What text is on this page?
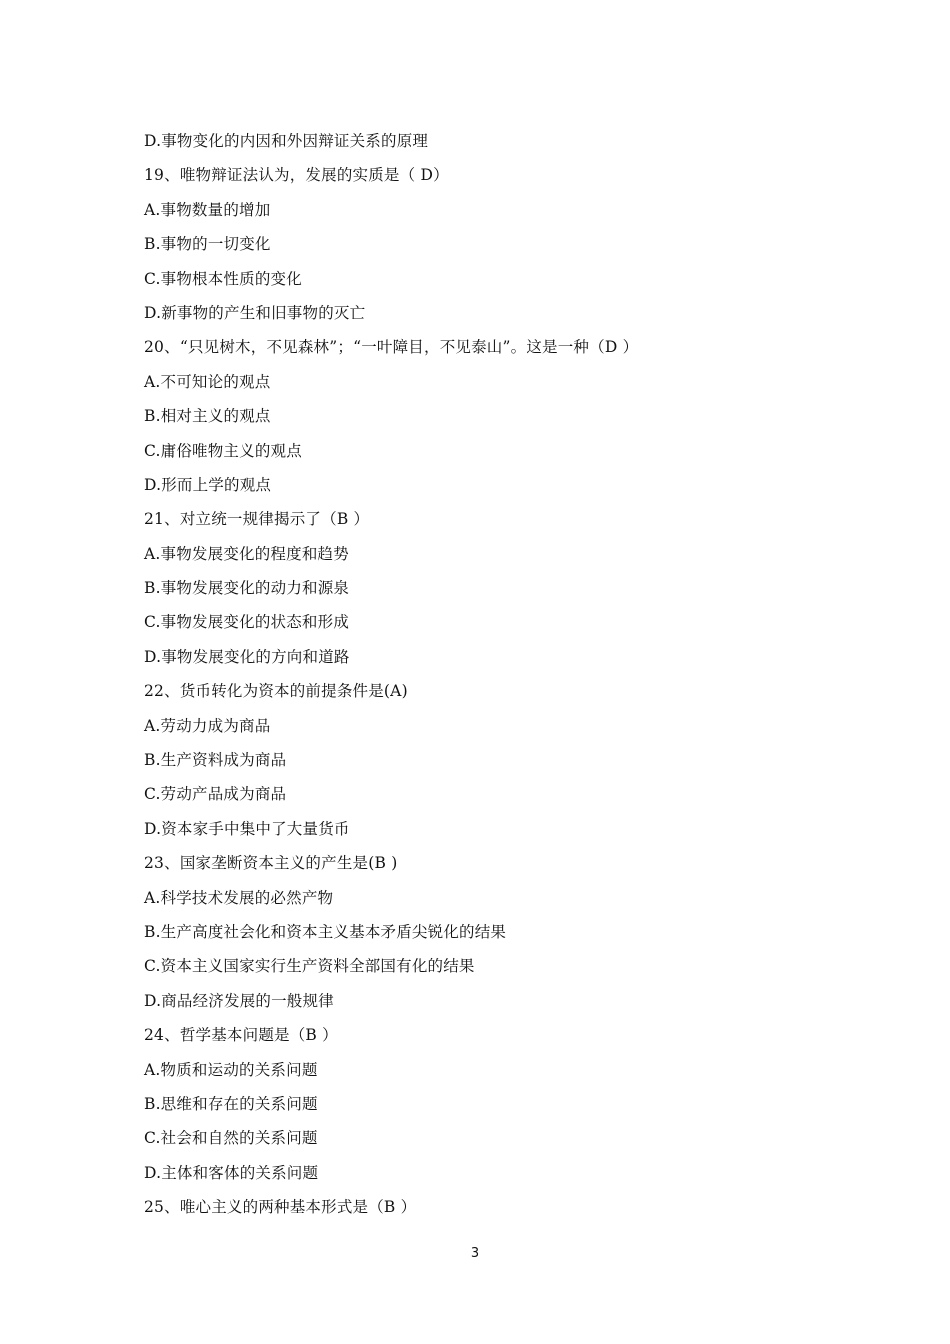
D.事物变化的内因和外因辩证关系的原理
19、唯物辩证法认为，发展的实质是（ D）
A.事物数量的增加
B.事物的一切变化
C.事物根本性质的变化
D.新事物的产生和旧事物的灭亡
20、“只见树木，不见森林”；“一叶障目，不见泰山”。这是一种（D ）
A.不可知论的观点
B.相对主义的观点
C.庸俗唯物主义的观点
D.形而上学的观点
21、对立统一规律揭示了（B ）
A.事物发展变化的程度和趋势
B.事物发展变化的动力和源泉
C.事物发展变化的状态和形成
D.事物发展变化的方向和道路
22、货币转化为资本的前提条件是(A)
A.劳动力成为商品
B.生产资料成为商品
C.劳动产品成为商品
D.资本家手中集中了大量货币
23、国家垄断资本主义的产生是(B )
A.科学技术发展的必然产物
B.生产高度社会化和资本主义基本矛盾尖锐化的结果
C.资本主义国家实行生产资料全部国有化的结果
D.商品经济发展的一般规律
24、哲学基本问题是（B ）
A.物质和运动的关系问题
B.思维和存在的关系问题
C.社会和自然的关系问题
D.主体和客体的关系问题
25、唯心主义的两种基本形式是（B ）
3
